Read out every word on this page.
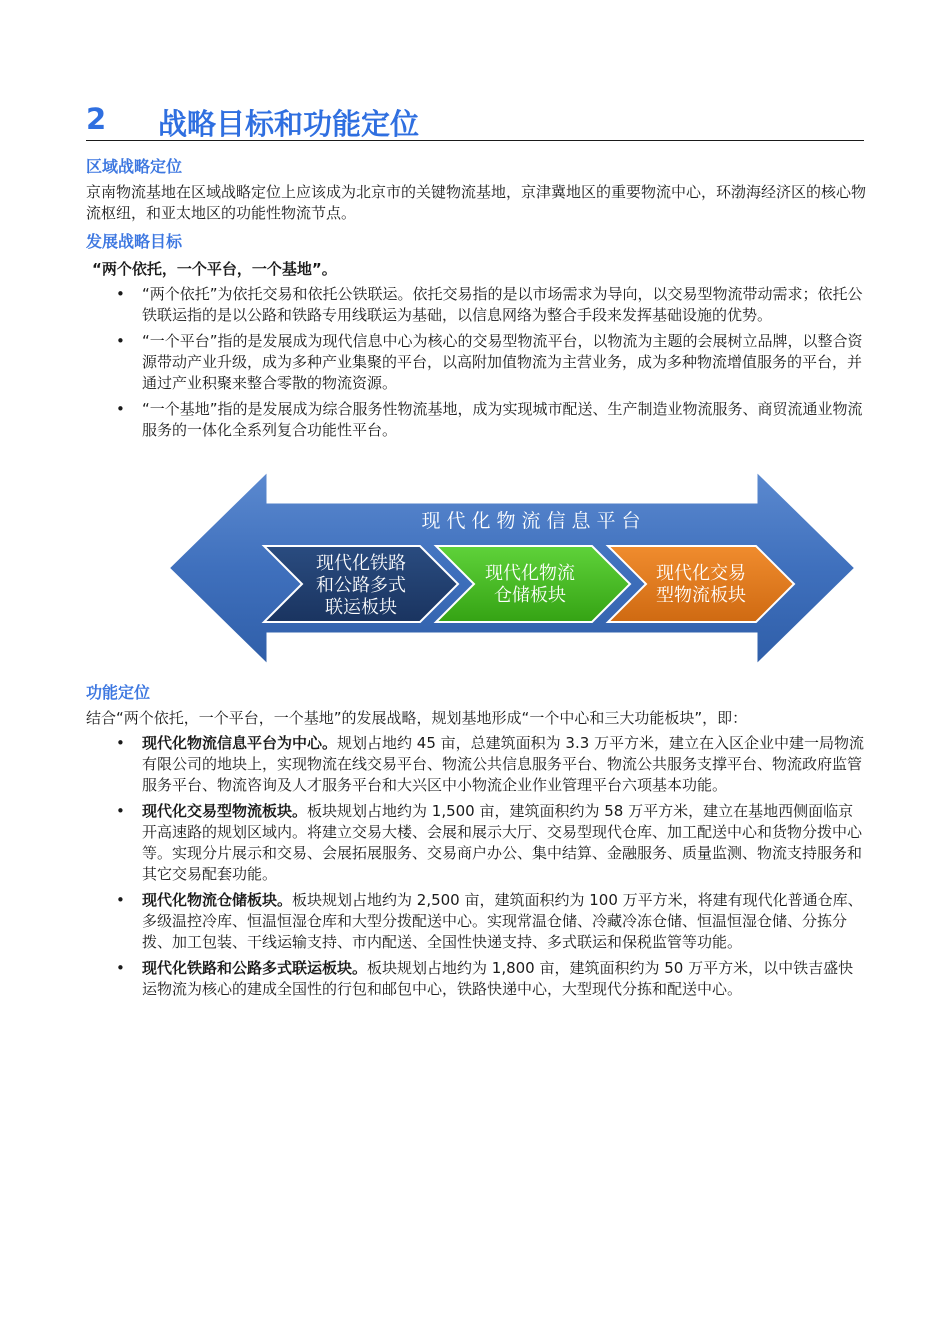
2 战略目标和功能定位
区域战略定位
京南物流基地在区域战略定位上应该成为北京市的关键物流基地，京津冀地区的重要物流中心，环渤海经济区的核心物流枢纽，和亚太地区的功能性物流节点。
发展战略目标
“两个依托，一个平台，一个基地”。
• “两个依托”为依托交易和依托公铁联运。依托交易指的是以市场需求为导向，以交易型物流带动需求；依托公铁联运指的是以公路和铁路专用线联运为基础，以信息网络为整合手段来发挥基础设施的优势。
• “一个平台”指的是发展成为现代信息中心为核心的交易型物流平台，以物流为主题的会展树立品牌，以整合资源带动产业升级，成为多种产业集聚的平台，以高附加值物流为主营业务，成为多种物流增值服务的平台，并通过产业积聚来整合零散的物流资源。
• “一个基地”指的是发展成为综合服务性物流基地，成为实现城市配送、生产制造业物流服务、商贸流通业物流服务的一体化全系列复合功能性平台。
现代化物流信息平台
现代化铁路
和公路多式
联运板块
现代化物流
仓储板块
现代化交易
型物流板块
功能定位
结合“两个依托，一个平台，一个基地”的发展战略，规划基地形成“一个中心和三大功能板块”，即：
• 现代化物流信息平台为中心。规划占地约 45 亩，总建筑面积为 3.3 万平方米，建立在入区企业中建一局物流有限公司的地块上，实现物流在线交易平台、物流公共信息服务平台、物流公共服务支撑平台、物流政府监管服务平台、物流咨询及人才服务平台和大兴区中小物流企业作业管理平台六项基本功能。
• 现代化交易型物流板块。板块规划占地约为 1,500 亩，建筑面积约为 58 万平方米，建立在基地西侧面临京开高速路的规划区域内。将建立交易大楼、会展和展示大厅、交易型现代仓库、加工配送中心和货物分拨中心等。实现分片展示和交易、会展拓展服务、交易商户办公、集中结算、金融服务、质量监测、物流支持服务和其它交易配套功能。
• 现代化物流仓储板块。板块规划占地约为 2,500 亩，建筑面积约为 100 万平方米，将建有现代化普通仓库、多级温控冷库、恒温恒湿仓库和大型分拨配送中心。实现常温仓储、冷藏冷冻仓储、恒温恒湿仓储、分拣分拨、加工包装、干线运输支持、市内配送、全国性快递支持、多式联运和保税监管等功能。
• 现代化铁路和公路多式联运板块。板块规划占地约为 1,800 亩，建筑面积约为 50 万平方米，以中铁吉盛快运物流为核心的建成全国性的行包和邮包中心，铁路快递中心，大型现代分拣和配送中心。
